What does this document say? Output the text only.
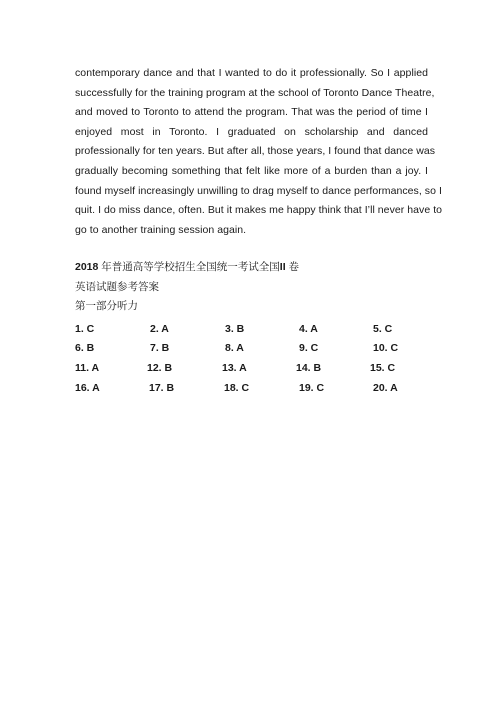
contemporary dance and that I wanted to do it professionally. So I applied

successfully for the training program at the school of Toronto Dance Theatre,

and moved to Toronto to attend the program. That was the period of time I

enjoyed most in Toronto. I graduated on scholarship and danced

professionally for ten years. But after all, those years, I found that dance was

gradually becoming something that felt like more of a burden than a joy. I

found myself increasingly unwilling to drag myself to dance performances, so I

quit. I do miss dance, often. But it makes me happy think that I’ll never have to

go to another training session again.

2018 年普通高等学校招生全国统一考试全国II 卷
英语试题参考答案
第一部分听力
1. C	2. A	3. B	4. A	5. C
6. B	7. B	8. A	9. C	10. C
11. A	12. B	13. A	14. B	15. C
16. A	17. B	18. C	19. C	20. A
